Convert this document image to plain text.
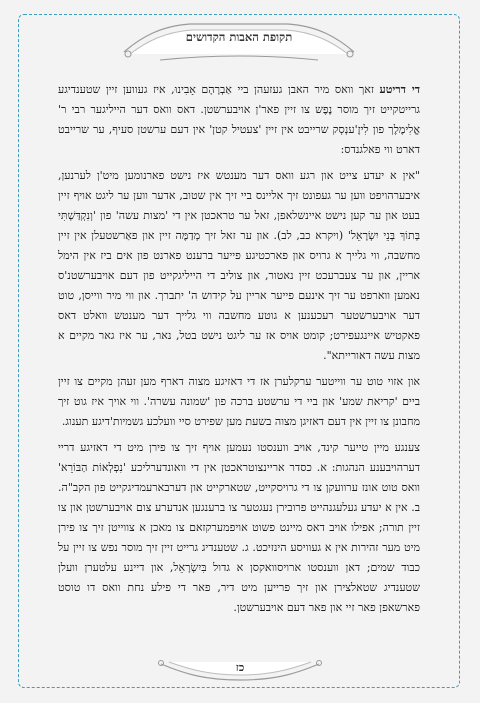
תקופת האבות הקדושים

די דריטע זאך וואס מיר האבן געזעהן ביי אַבְרָהָם אָבִינוּ, איז געווען זיין שטענדיגע גרייטקייט זיך מוסר נֶפֶש צו זיין פאר'ן אויבערשטן. דאס וואס דער הייליגער רבי ר' אֱלִימֶלֶך פון לִיזֶ'ענְסְק שרייבט אין זיין 'צעטיל קטן' אין דעם ערשטן סעיף, ער שרייבט דארט ווי פאלגנדס:

"אין א יעדע צייט און רגע וואס דער מענטש איז נישט פארנומען מיט'ן לערנען, איבערהויפט ווען ער געפונט זיך אליינס ביי זיך אין שטוב, אדער ווען ער ליגט אויף זיין בעט און ער קען נישט איינשלאפן, זאל ער טראכטן אין די 'מצות עשה' פון 'וְנִקְדַּשְׁתִּי בְּתוֹךְ בְּנֵי יִשְׂרָאֵל' (ויקרא כב, לב). און ער זאל זיך מְדַמֶּה זיין און פאַרשטעלן אין זיין מחשבה, ווי גלייך א גרויס און פארכטיגע פייער ברענט פארנט פון אים ביז אין הימל אריין, און ער צעברעכט זיין נאטור, און צוליב די הייליגקייט פון דעם אויבערשטנ'ס נאמען ווארפט ער זיך אינעם פייער אריין על קידוש ה' יתברך. און ווי מיר ווייסן, טוט דער אויבערשטער רעכענען א גוטע מחשבה ווי גלייך דער מענטש וואלט דאס פאקטיש איינגעפירט; קומט אויס אז ער ליגט נישט בטל, נאר, ער איז גאר מקיים א מצות עשה דאורייתא".

און אזוי טוט ער ווייטער ערקלערן אז די דאזיגע מצוה דארף מען זעהן מקיים צו זיין ביים 'קריאת שמע' און ביי די ערשטע ברכה פון 'שמונה עשרה'. ווי אויך איז גוט זיך מחבונן צו זיין אין דעם דאזיגן מצוה בשעת מען שפירט סיי וועלכע גשמיות'דיגע תענוג.

צענגע מיין טייער קינד, אויב ווענסטו נעמען אויף זיך צו פירן מיט די דאזיגע דריי דערהויבענע הנהגות: א. כסדר אריינצוטראכטן אין די וואונדערליכע 'נִפְלְאוֹת הַבּוֹרֵא' וואס טוט אונז ערוועקן צו די גרויסקייט, שטארקייט און דערבארעמדיגקייט פון הקב"ה. ב. אין א יעדע געלעגנהייט פרובירן נעגטער צו ברענגען אנדערע צום אויבערשטן און צו זיין תורה; אפילו אויב דאס מיינט פשוט אויפמערקזאם צו מאכן א צווייטן זיך צו פירן מיט מער זהירות אין א געוויסע הינזיכט. ג. שטענדיג גרייט זיין זיך מוסר נפש צו זיין על כבוד שמים; דאן ווענסטו ארויסוואקסן א גדול בִּיִשְׂרָאֵל, און דיינע עלטערן וועלן שטענדיג שטאלצירן און זיך פרייען מיט דיר, פאר די פילע נחת וואס דו טוסט פארשאפן פאר זיי און פאר דעם אויבערשטן.

כז
